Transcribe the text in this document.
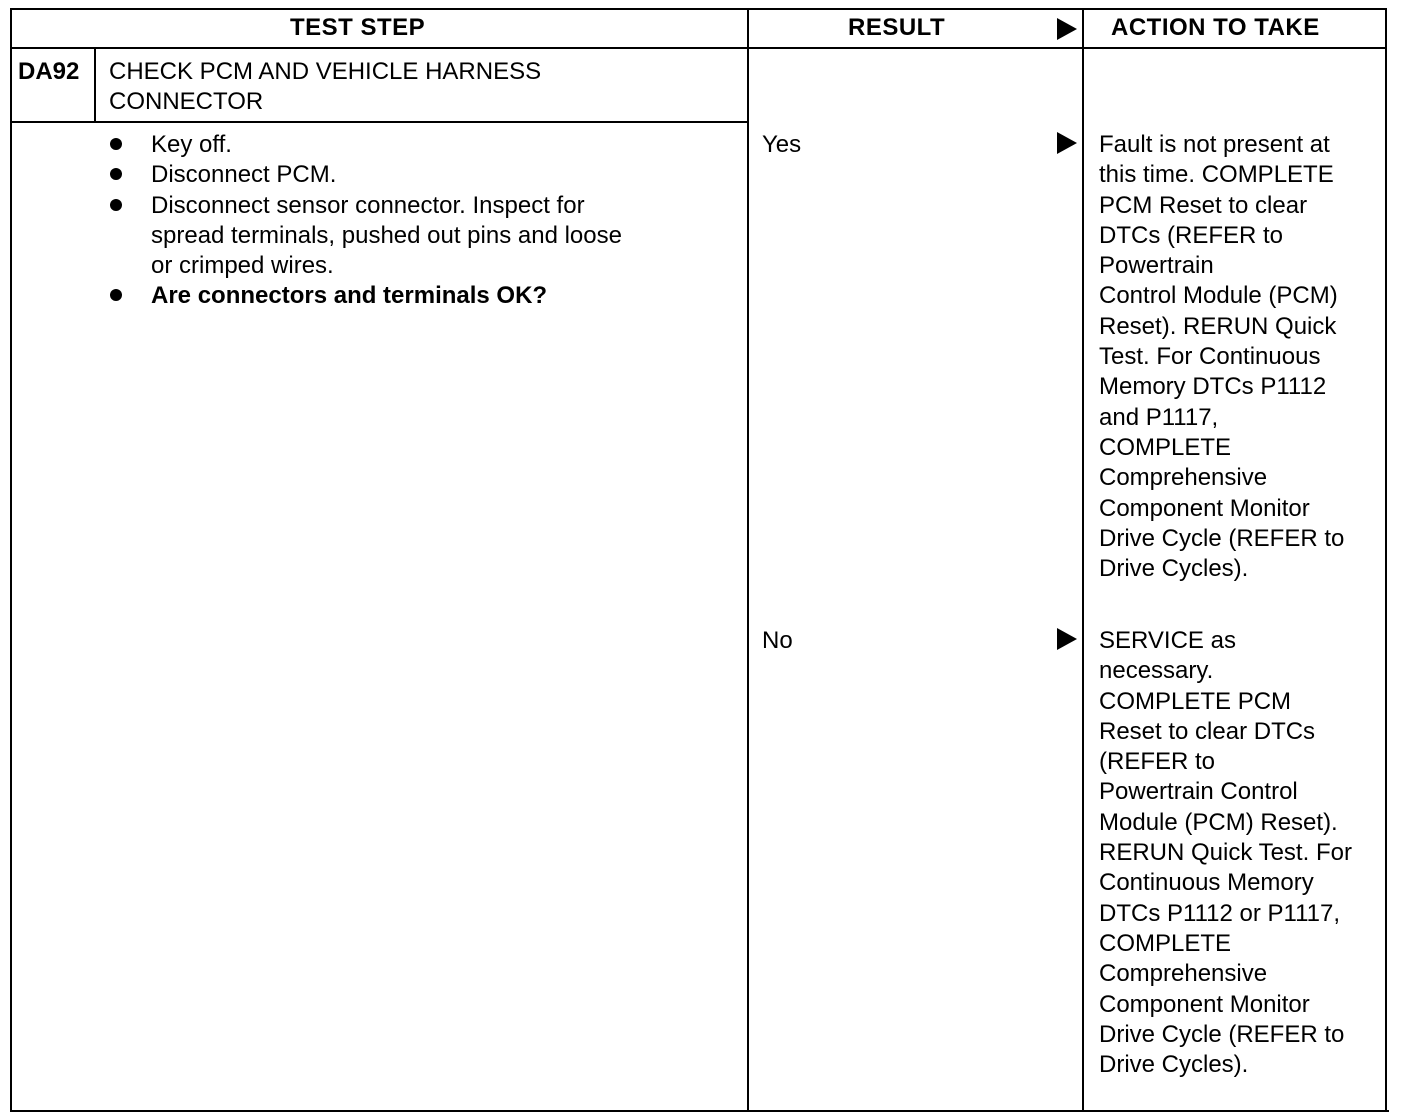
TEST STEP	RESULT	ACTION TO TAKE
DA92 CHECK PCM AND VEHICLE HARNESS
CONNECTOR
Key off.
Disconnect PCM.
Disconnect sensor connector. Inspect for
spread terminals, pushed out pins and loose
or crimped wires.
Are connectors and terminals OK?
Yes	Fault is not present at
this time. COMPLETE
PCM Reset to clear
DTCs (REFER to
Powertrain
Control Module (PCM)
Reset). RERUN Quick
Test. For Continuous
Memory DTCs P1112
and P1117,
COMPLETE
Comprehensive
Component Monitor
Drive Cycle (REFER to
Drive Cycles).
No	SERVICE as
necessary.
COMPLETE PCM
Reset to clear DTCs
(REFER to
Powertrain Control
Module (PCM) Reset).
RERUN Quick Test. For
Continuous Memory
DTCs P1112 or P1117,
COMPLETE
Comprehensive
Component Monitor
Drive Cycle (REFER to
Drive Cycles).
